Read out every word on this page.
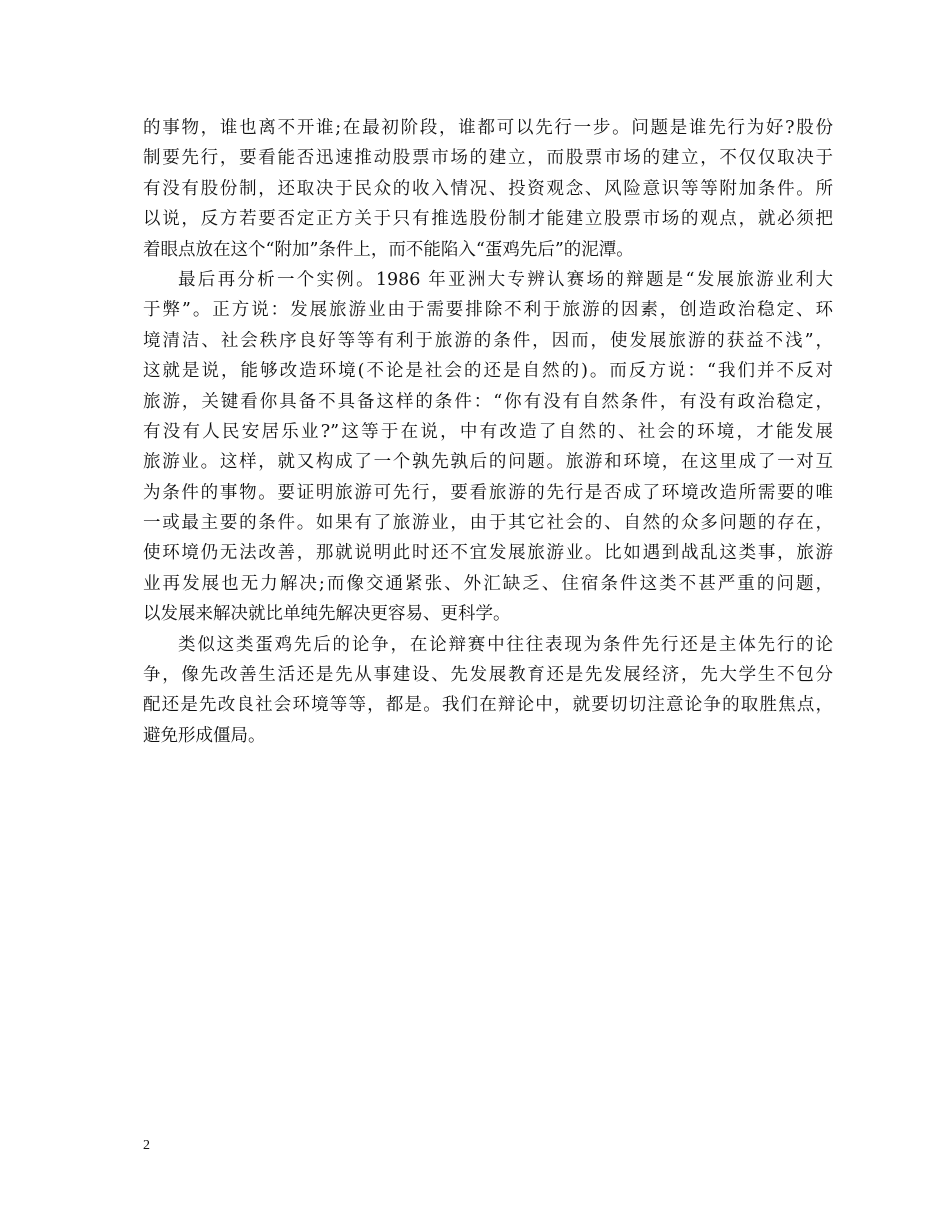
的事物，谁也离不开谁;在最初阶段，谁都可以先行一步。问题是谁先行为好?股份
制要先行，要看能否迅速推动股票市场的建立，而股票市场的建立，不仅仅取决于
有没有股份制，还取决于民众的收入情况、投资观念、风险意识等等附加条件。所
以说，反方若要否定正方关于只有推选股份制才能建立股票市场的观点，就必须把
着眼点放在这个“附加”条件上，而不能陷入“蛋鸡先后”的泥潭。
最后再分析一个实例。1986 年亚洲大专辨认赛场的辩题是“发展旅游业利大
于弊”。正方说：发展旅游业由于需要排除不利于旅游的因素，创造政治稳定、环
境清洁、社会秩序良好等等有利于旅游的条件，因而，使发展旅游的获益不浅”，
这就是说，能够改造环境(不论是社会的还是自然的)。而反方说：“我们并不反对
旅游，关键看你具备不具备这样的条件：“你有没有自然条件，有没有政治稳定，
有没有人民安居乐业?”这等于在说，中有改造了自然的、社会的环境，才能发展
旅游业。这样，就又构成了一个孰先孰后的问题。旅游和环境，在这里成了一对互
为条件的事物。要证明旅游可先行，要看旅游的先行是否成了环境改造所需要的唯
一或最主要的条件。如果有了旅游业，由于其它社会的、自然的众多问题的存在，
使环境仍无法改善，那就说明此时还不宜发展旅游业。比如遇到战乱这类事，旅游
业再发展也无力解决;而像交通紧张、外汇缺乏、住宿条件这类不甚严重的问题，
以发展来解决就比单纯先解决更容易、更科学。
类似这类蛋鸡先后的论争，在论辩赛中往往表现为条件先行还是主体先行的论
争，像先改善生活还是先从事建设、先发展教育还是先发展经济，先大学生不包分
配还是先改良社会环境等等，都是。我们在辩论中，就要切切注意论争的取胜焦点，
避免形成僵局。
2
